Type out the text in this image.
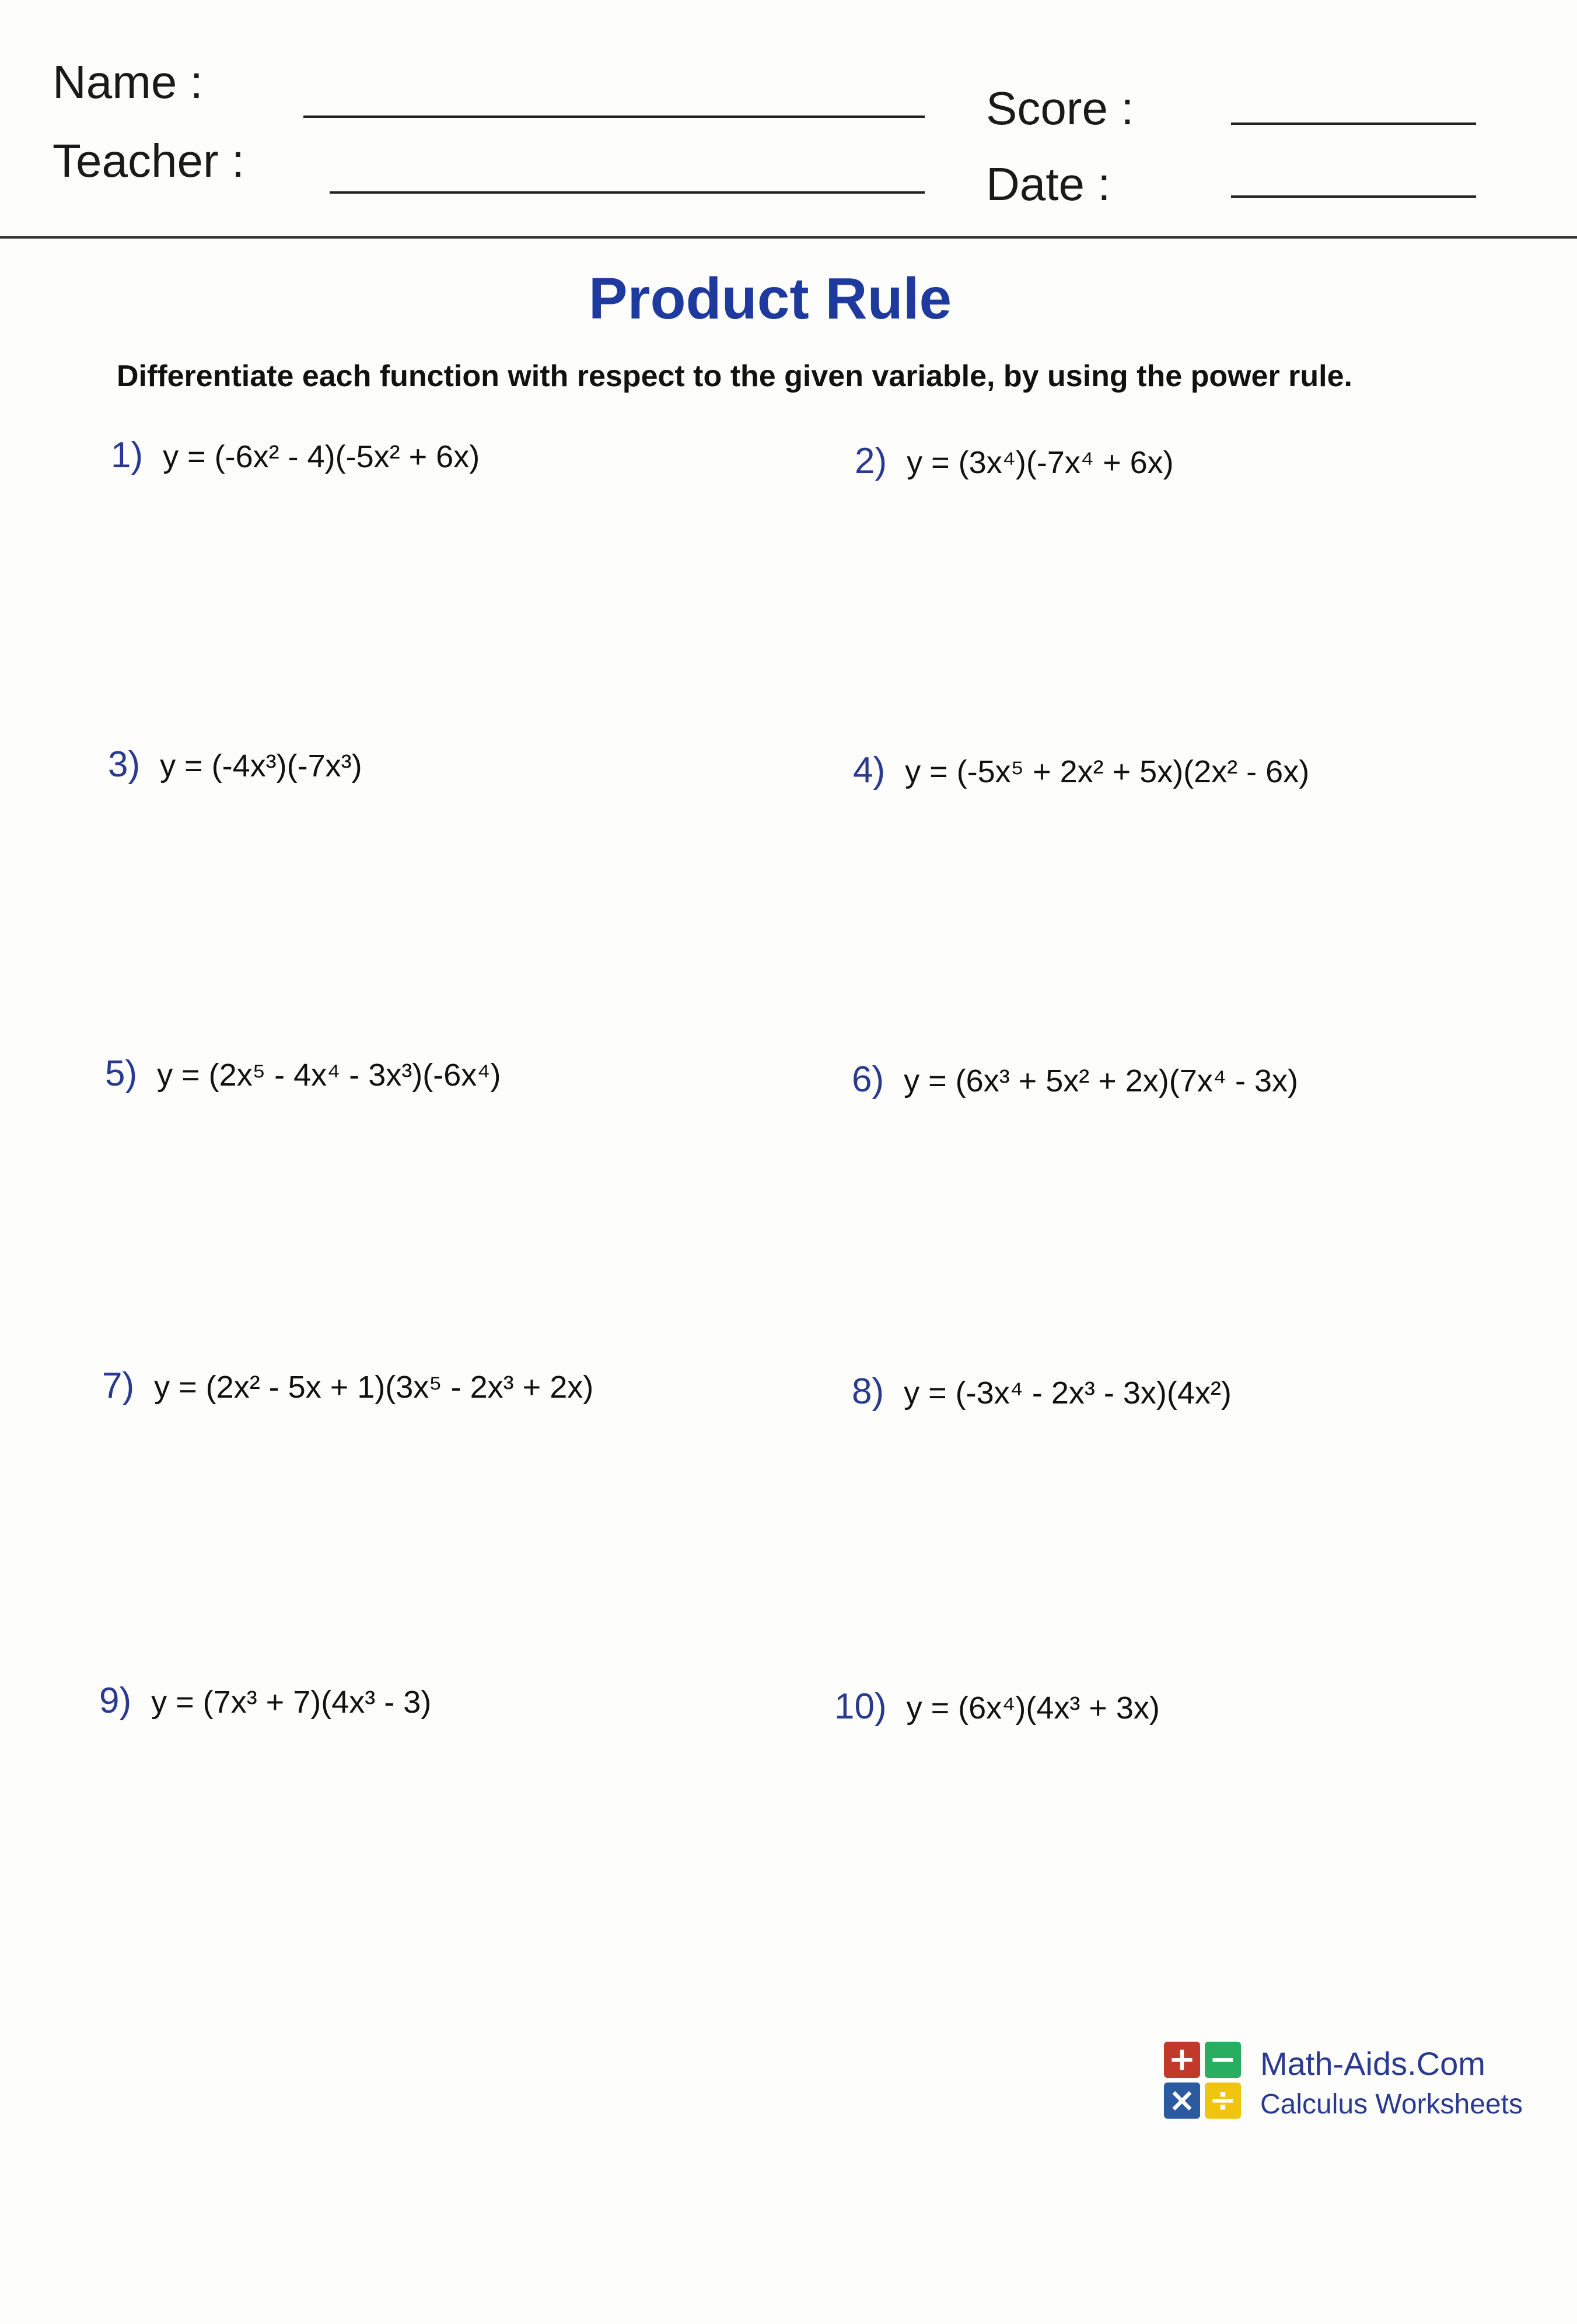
Name :
Teacher :
Score :
Date :
Product Rule
Differentiate each function with respect to the given variable, by using the power rule.
1) y = (-6x² - 4)(-5x² + 6x)	2) y = (3x⁴)(-7x⁴ + 6x)
3) y = (-4x³)(-7x³)	4) y = (-5x⁵ + 2x² + 5x)(2x² - 6x)
5) y = (2x⁵ - 4x⁴ - 3x³)(-6x⁴)	6) y = (6x³ + 5x² + 2x)(7x⁴ - 3x)
7) y = (2x² - 5x + 1)(3x⁵ - 2x³ + 2x)	8) y = (-3x⁴ - 2x³ - 3x)(4x²)
9) y = (7x³ + 7)(4x³ - 3)	10) y = (6x⁴)(4x³ + 3x)
+ −
× ÷
Math-Aids.Com
Calculus Worksheets
